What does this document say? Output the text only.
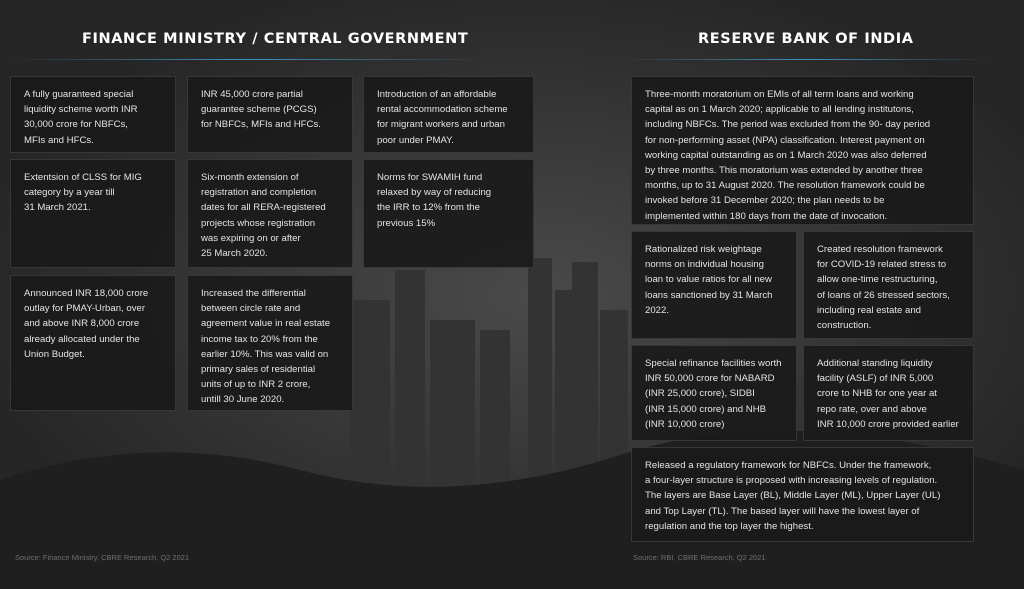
FINANCE MINISTRY / CENTRAL GOVERNMENT	RESERVE BANK OF INDIA
A fully guaranteed special
liquidity scheme worth INR
30,000 crore for NBFCs,
MFIs and HFCs.
INR 45,000 crore partial
guarantee scheme (PCGS)
for NBFCs, MFIs and HFCs.
Introduction of an affordable
rental accommodation scheme
for migrant workers and urban
poor under PMAY.
Extentsion of CLSS for MIG
category by a year till
31 March 2021.
Six-month extension of
registration and completion
dates for all RERA-registered
projects whose registration
was expiring on or after
25 March 2020.
Norms for SWAMIH fund
relaxed by way of reducing
the IRR to 12% from the
previous 15%
Announced INR 18,000 crore
outlay for PMAY-Urban, over
and above INR 8,000 crore
already allocated under the
Union Budget.
Increased the differential
between circle rate and
agreement value in real estate
income tax to 20% from the
earlier 10%. This was valid on
primary sales of residential
units of up to INR 2 crore,
untill 30 June 2020.
Source: Finance Ministry, CBRE Research, Q2 2021
Three-month moratorium on EMIs of all term loans and working
capital as on 1 March 2020; applicable to all lending institutons,
including NBFCs. The period was excluded from the 90- day period
for non-performing asset (NPA) classification. Interest payment on
working capital outstanding as on 1 March 2020 was also deferred
by three months. This moratorium was extended by another three
months, up to 31 August 2020. The resolution framework could be
invoked before 31 December 2020; the plan needs to be
implemented within 180 days from the date of invocation.
Rationalized risk weightage
norms on individual housing
loan to value ratios for all new
loans sanctioned by 31 March
2022.
Created resolution framework
for COVID-19 related stress to
allow one-time restructuring,
of loans of 26 stressed sectors,
including real estate and
construction.
Special refinance facilities worth
INR 50,000 crore for NABARD
(INR 25,000 crore), SIDBI
(INR 15,000 crore) and NHB
(INR 10,000 crore)
Additional standing liquidity
facility (ASLF) of INR 5,000
crore to NHB for one year at
repo rate, over and above
INR 10,000 crore provided earlier
Released a regulatory framework for NBFCs. Under the framework,
a four-layer structure is proposed with increasing levels of regulation.
The layers are Base Layer (BL), Middle Layer (ML), Upper Layer (UL)
and Top Layer (TL). The based layer will have the lowest layer of
regulation and the top layer the highest.
Source: RBI, CBRE Research, Q2 2021
